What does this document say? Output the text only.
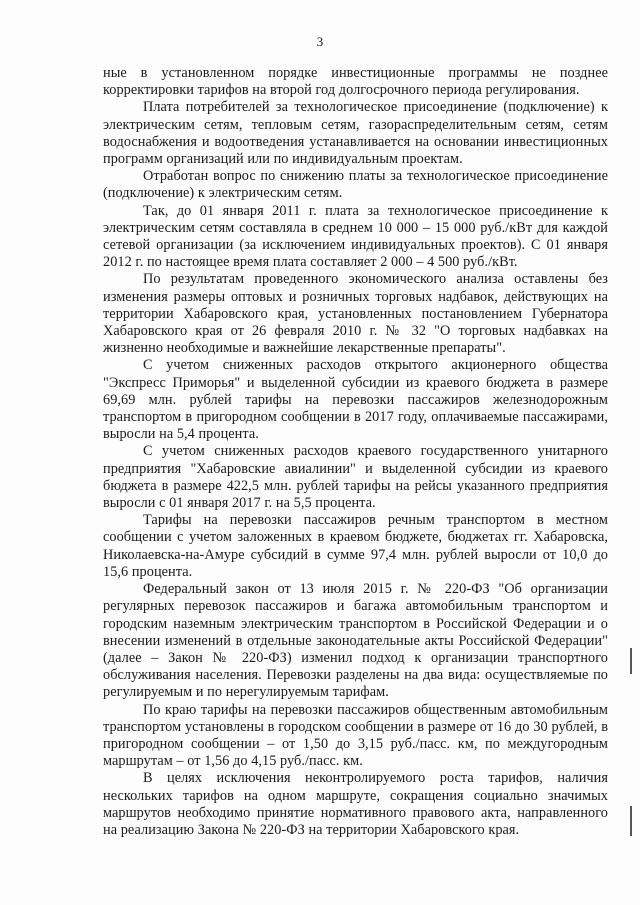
3

ные в установленном порядке инвестиционные программы не позднее корректировки тарифов на второй год долгосрочного периода регулирования.

Плата потребителей за технологическое присоединение (подключение) к электрическим сетям, тепловым сетям, газораспределительным сетям, сетям водоснабжения и водоотведения устанавливается на основании инвестиционных программ организаций или по индивидуальным проектам.

Отработан вопрос по снижению платы за технологическое присоединение (подключение) к электрическим сетям.

Так, до 01 января 2011 г. плата за технологическое присоединение к электрическим сетям составляла в среднем 10 000 – 15 000 руб./кВт для каждой сетевой организации (за исключением индивидуальных проектов). С 01 января 2012 г. по настоящее время плата составляет 2 000 – 4 500 руб./кВт.

По результатам проведенного экономического анализа оставлены без изменения размеры оптовых и розничных торговых надбавок, действующих на территории Хабаровского края, установленных постановлением Губернатора Хабаровского края от 26 февраля 2010 г. № 32 "О торговых надбавках на жизненно необходимые и важнейшие лекарственные препараты".

С учетом сниженных расходов открытого акционерного общества "Экспресс Приморья" и выделенной субсидии из краевого бюджета в размере 69,69 млн. рублей тарифы на перевозки пассажиров железнодорожным транспортом в пригородном сообщении в 2017 году, оплачиваемые пассажирами, выросли на 5,4 процента.

С учетом сниженных расходов краевого государственного унитарного предприятия "Хабаровские авиалинии" и выделенной субсидии из краевого бюджета в размере 422,5 млн. рублей тарифы на рейсы указанного предприятия выросли с 01 января 2017 г. на 5,5 процента.

Тарифы на перевозки пассажиров речным транспортом в местном сообщении с учетом заложенных в краевом бюджете, бюджетах гг. Хабаровска, Николаевска-на-Амуре субсидий в сумме 97,4 млн. рублей выросли от 10,0 до 15,6 процента.

Федеральный закон от 13 июля 2015 г. № 220-ФЗ "Об организации регулярных перевозок пассажиров и багажа автомобильным транспортом и городским наземным электрическим транспортом в Российской Федерации и о внесении изменений в отдельные законодательные акты Российской Федерации" (далее – Закон № 220-ФЗ) изменил подход к организации транспортного обслуживания населения. Перевозки разделены на два вида: осуществляемые по регулируемым и по нерегулируемым тарифам.

По краю тарифы на перевозки пассажиров общественным автомобильным транспортом установлены в городском сообщении в размере от 16 до 30 рублей, в пригородном сообщении – от 1,50 до 3,15 руб./пасс. км, по междугородным маршрутам – от 1,56 до 4,15 руб./пасс. км.

В целях исключения неконтролируемого роста тарифов, наличия нескольких тарифов на одном маршруте, сокращения социально значимых маршрутов необходимо принятие нормативного правового акта, направленного на реализацию Закона № 220-ФЗ на территории Хабаровского края.
